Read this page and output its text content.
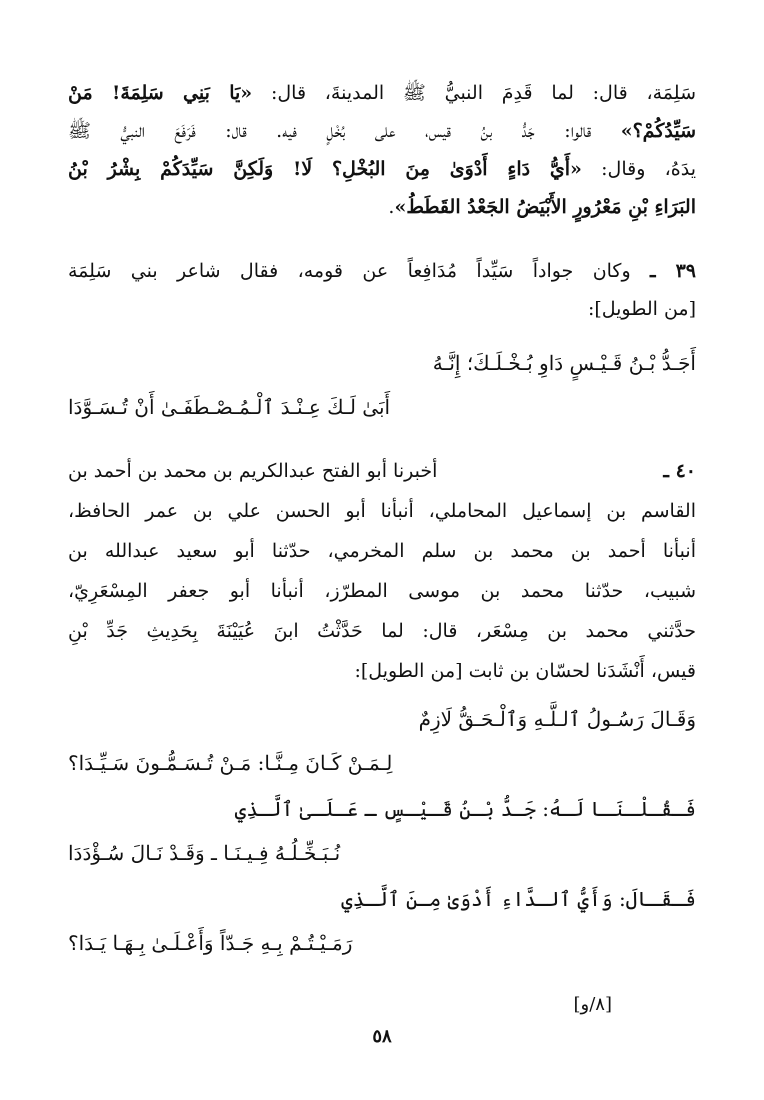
سَلِمَة، قال: لما قَدِمَ النبيُّ ﷺ المدينةَ، قال: «يَا بَنِي سَلِمَةَ! مَنْ
سَيِّدُكُمْ؟» قالوا: جَدُّ بنُ قيس، على بُخْلٍ فيه. قال: فَرَفَعَ النبيُّ ﷺ
يدَهُ، وقال: «أَيُّ دَاءٍ أَدْوَىٰ مِنَ البُخْلِ؟ لَا! وَلَكِنَّ سَيِّدَكُمْ بِشْرُ بْنُ
البَرَاءِ بْنِ مَعْرُورٍ الأَبْيَضُ الجَعْدُ القَطَطُ».
٣٩ ـ وكان جواداً سَيِّداً مُدَافِعاً عن قومه، فقال شاعر بني سَلِمَة
[من الطويل]:
أَجَـدُّ بْـنُ قَـيْـسٍ دَاوِ بُـخْـلَـكَ؛ إِنَّـهُ
أَبَىٰ لَـكَ عِـنْـدَ ٱلْـمُـصْـطَفَـىٰ أَنْ تُـسَـوَّدَا
٤٠ ـ
أخبرنا أبو الفتح عبدالكريم بن محمد بن أحمد بن
القاسم بن إسماعيل المحاملي، أنبأنا أبو الحسن علي بن عمر الحافظ،
أنبأنا أحمد بن محمد بن سلم المخرمي، حدّثنا أبو سعيد عبدالله بن
شبيب، حدّثنا محمد بن موسى المطرّز، أنبأنا أبو جعفر المِسْعَرِيّ،
حدَّثني محمد بن مِسْعَر، قال: لما حَدَّثْتُ ابنَ عُيَيْنَةَ بِحَدِيثِ جَدِّ بْنِ
قيس، أَنْشَدَنا لحسّان بن ثابت [من الطويل]:
وَقَـالَ رَسُـولُ ٱلـلَّـهِ وَٱلْـحَـقُّ لَازِمٌ
لِـمَـنْ كَـانَ مِـنَّـا: مَـنْ تُـسَـمُّـونَ سَـيِّـدَا؟
فَـقُـلْـنَـا لَـهُ: جَـدُّ بْـنُ قَـيْـسٍ ـ عَـلَـىٰ ٱلَّـذِي
نُـبَـخِّـلُـهُ فِـيـنَـا ـ وَقَـدْ نَـالَ سُـؤْدَدَا
فَـقَـالَ: وَأَيُّ ٱلـدَّاءِ أَدْوَىٰ مِـنَ ٱلَّـذِي
رَمَـيْـتُـمْ بِـهِ جَـدّاً وَأَعْـلَـىٰ بِـهَـا يَـدَا؟
[٨/و]
٥٨
